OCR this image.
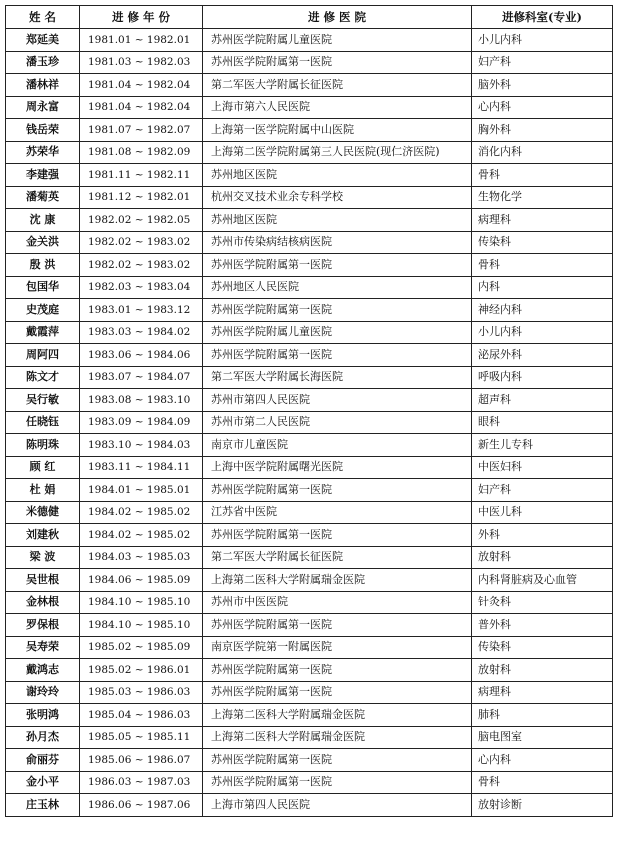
姓 名	进 修 年 份	进 修 医 院	进修科室(专业)
郑延美	1981.01 ~ 1982.01	苏州医学院附属儿童医院	小儿内科
潘玉珍	1981.03 ~ 1982.03	苏州医学院附属第一医院	妇产科
潘林祥	1981.04 ~ 1982.04	第二军医大学附属长征医院	脑外科
周永富	1981.04 ~ 1982.04	上海市第六人民医院	心内科
钱岳荣	1981.07 ~ 1982.07	上海第一医学院附属中山医院	胸外科
苏荣华	1981.08 ~ 1982.09	上海第二医学院附属第三人民医院(现仁济医院)	消化内科
李建强	1981.11 ~ 1982.11	苏州地区医院	骨科
潘菊英	1981.12 ~ 1982.01	杭州交叉技术业余专科学校	生物化学
沈 康	1982.02 ~ 1982.05	苏州地区医院	病理科
金关洪	1982.02 ~ 1983.02	苏州市传染病结核病医院	传染科
殷 洪	1982.02 ~ 1983.02	苏州医学院附属第一医院	骨科
包国华	1982.03 ~ 1983.04	苏州地区人民医院	内科
史茂庭	1983.01 ~ 1983.12	苏州医学院附属第一医院	神经内科
戴霞萍	1983.03 ~ 1984.02	苏州医学院附属儿童医院	小儿内科
周阿四	1983.06 ~ 1984.06	苏州医学院附属第一医院	泌尿外科
陈文才	1983.07 ~ 1984.07	第二军医大学附属长海医院	呼吸内科
吴行敏	1983.08 ~ 1983.10	苏州市第四人民医院	超声科
任晓钰	1983.09 ~ 1984.09	苏州市第二人民医院	眼科
陈明珠	1983.10 ~ 1984.03	南京市儿童医院	新生儿专科
顾 红	1983.11 ~ 1984.11	上海中医学院附属曙光医院	中医妇科
杜 娟	1984.01 ~ 1985.01	苏州医学院附属第一医院	妇产科
米德健	1984.02 ~ 1985.02	江苏省中医院	中医儿科
刘建秋	1984.02 ~ 1985.02	苏州医学院附属第一医院	外科
梁 波	1984.03 ~ 1985.03	第二军医大学附属长征医院	放射科
吴世根	1984.06 ~ 1985.09	上海第二医科大学附属瑞金医院	内科肾脏病及心血管
金林根	1984.10 ~ 1985.10	苏州市中医医院	针灸科
罗保根	1984.10 ~ 1985.10	苏州医学院附属第一医院	普外科
吴寿荣	1985.02 ~ 1985.09	南京医学院第一附属医院	传染科
戴鸿志	1985.02 ~ 1986.01	苏州医学院附属第一医院	放射科
谢玲玲	1985.03 ~ 1986.03	苏州医学院附属第一医院	病理科
张明鸿	1985.04 ~ 1986.03	上海第二医科大学附属瑞金医院	肺科
孙月杰	1985.05 ~ 1985.11	上海第二医科大学附属瑞金医院	脑电图室
俞丽芬	1985.06 ~ 1986.07	苏州医学院附属第一医院	心内科
金小平	1986.03 ~ 1987.03	苏州医学院附属第一医院	骨科
庄玉林	1986.06 ~ 1987.06	上海市第四人民医院	放射诊断
